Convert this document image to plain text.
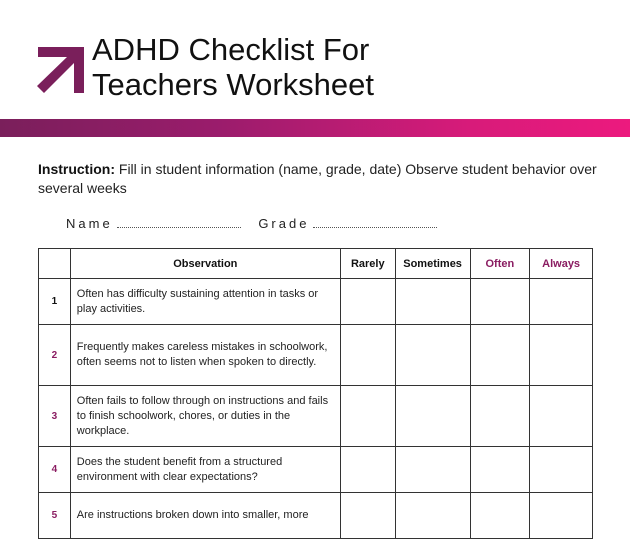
ADHD Checklist For
Teachers Worksheet
Instruction: Fill in student information (name, grade, date) Observe student behavior over several weeks
Name	Grade
	Observation	Rarely	Sometimes	Often	Always
1	Often has difficulty sustaining attention in tasks or play activities.				
2	Frequently makes careless mistakes in schoolwork, often seems not to listen when spoken to directly.				
3	Often fails to follow through on instructions and fails to finish schoolwork, chores, or duties in the workplace.				
4	Does the student benefit from a structured environment with clear expectations?				
5	Are instructions broken down into smaller, more				
